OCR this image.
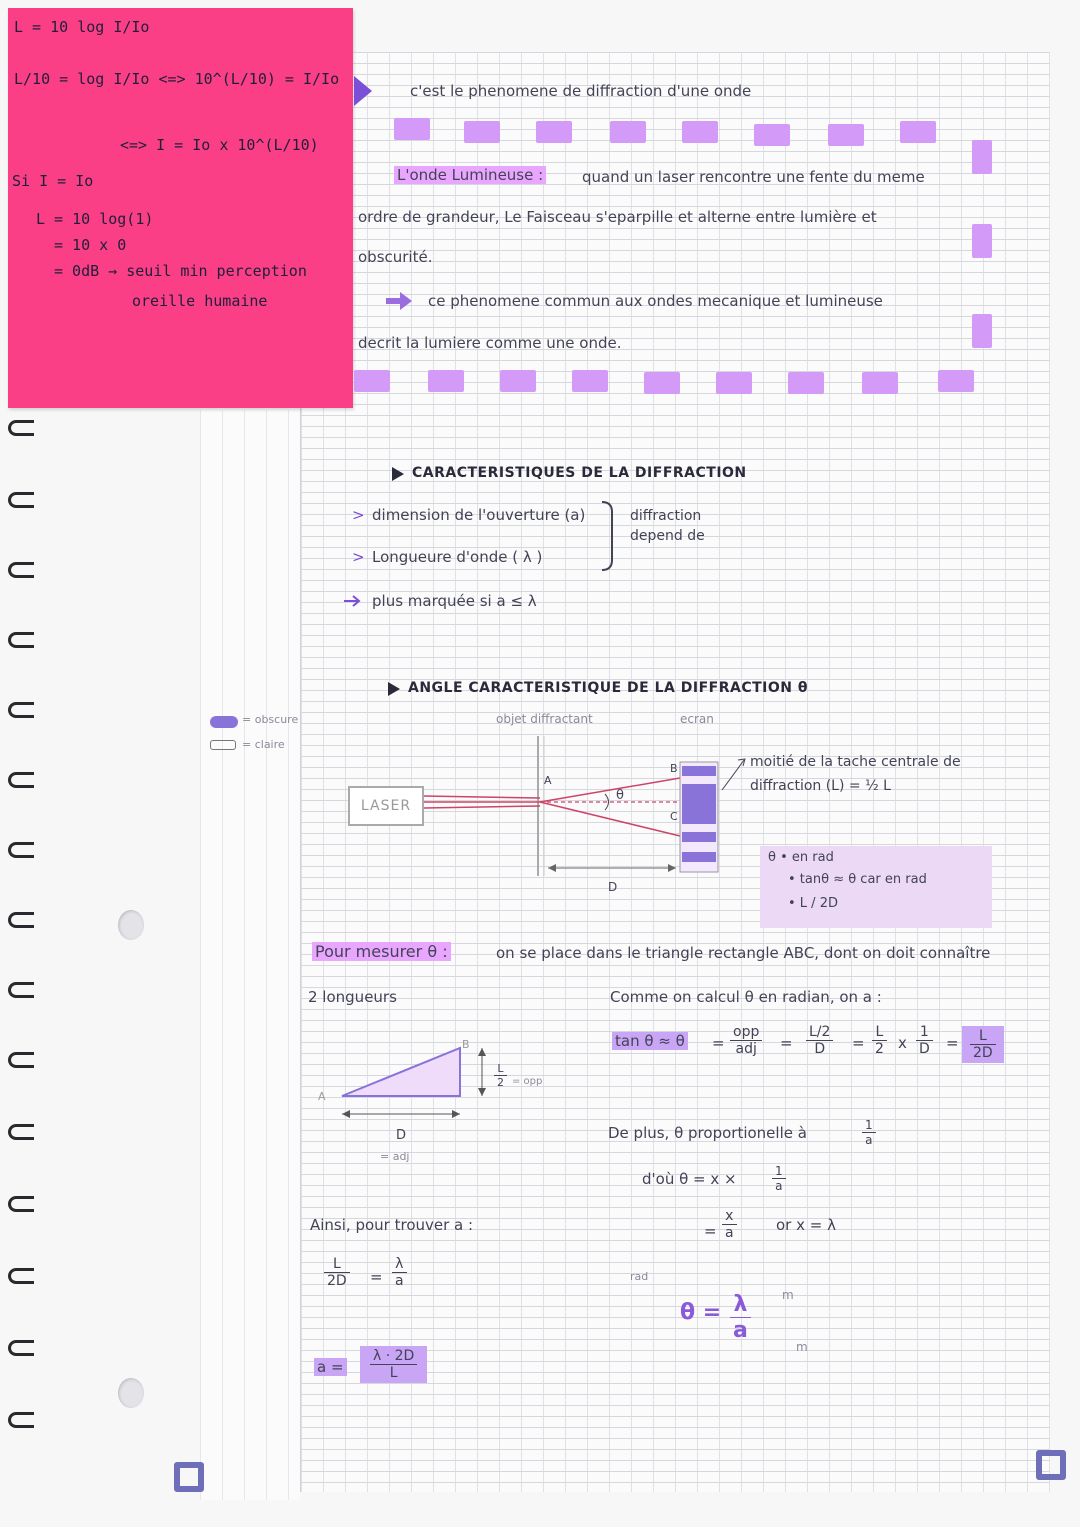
L = 10 log I/Io
L/10 = log I/Io <=> 10^(L/10) = I/Io
<=> I = Io x 10^(L/10)
Si I = Io
L = 10 log(1)
= 10 x 0
= 0dB → seuil min perception
oreille humaine
c'est le phenomene de diffraction d'une onde
L'onde Lumineuse :	quand un laser rencontre une fente du meme
ordre de grandeur, Le Faisceau s'eparpille et alterne entre lumière et
obscurité.
ce phenomene commun aux ondes mecanique et lumineuse
decrit la lumiere comme une onde.
CARACTERISTIQUES DE LA DIFFRACTION
> dimension de l'ouverture (a)
> Longueure d'onde ( λ )
diffraction
depend de
plus marquée si a ≤ λ
ANGLE CARACTERISTIQUE DE LA DIFFRACTION θ
objet diffractant	ecran
= obscure
= claire
LASER
A
B
C
θ
D
moitié de la tache centrale de
diffraction (L) = ½ L
θ • en rad
• tanθ ≈ θ car en rad
• L / 2D
Pour mesurer θ :	on se place dans le triangle rectangle ABC, dont on doit connaître
2 longueurs	Comme on calcul θ en radian, on a :
tan θ ≈ θ =
opp
adj	= $\frac{L/2}{D} = \frac{L}{2}$ x $\frac{1}{D} = \frac{L}{2D}$
A
B
D
= adj
$\frac{L}{2}$ = opp
De plus, θ proportionelle à	$\frac{1}{a}$
d'où θ = x ×	$\frac{1}{a}$
= $\frac{x}{a}$	or x = λ
rad
$\theta = \frac{\lambda}{a}$	m
m
Ainsi, pour trouver a :
$\frac{L}{2D} = \frac{\lambda}{a}$
$a = \frac{\lambda \cdot 2D}{L}$
